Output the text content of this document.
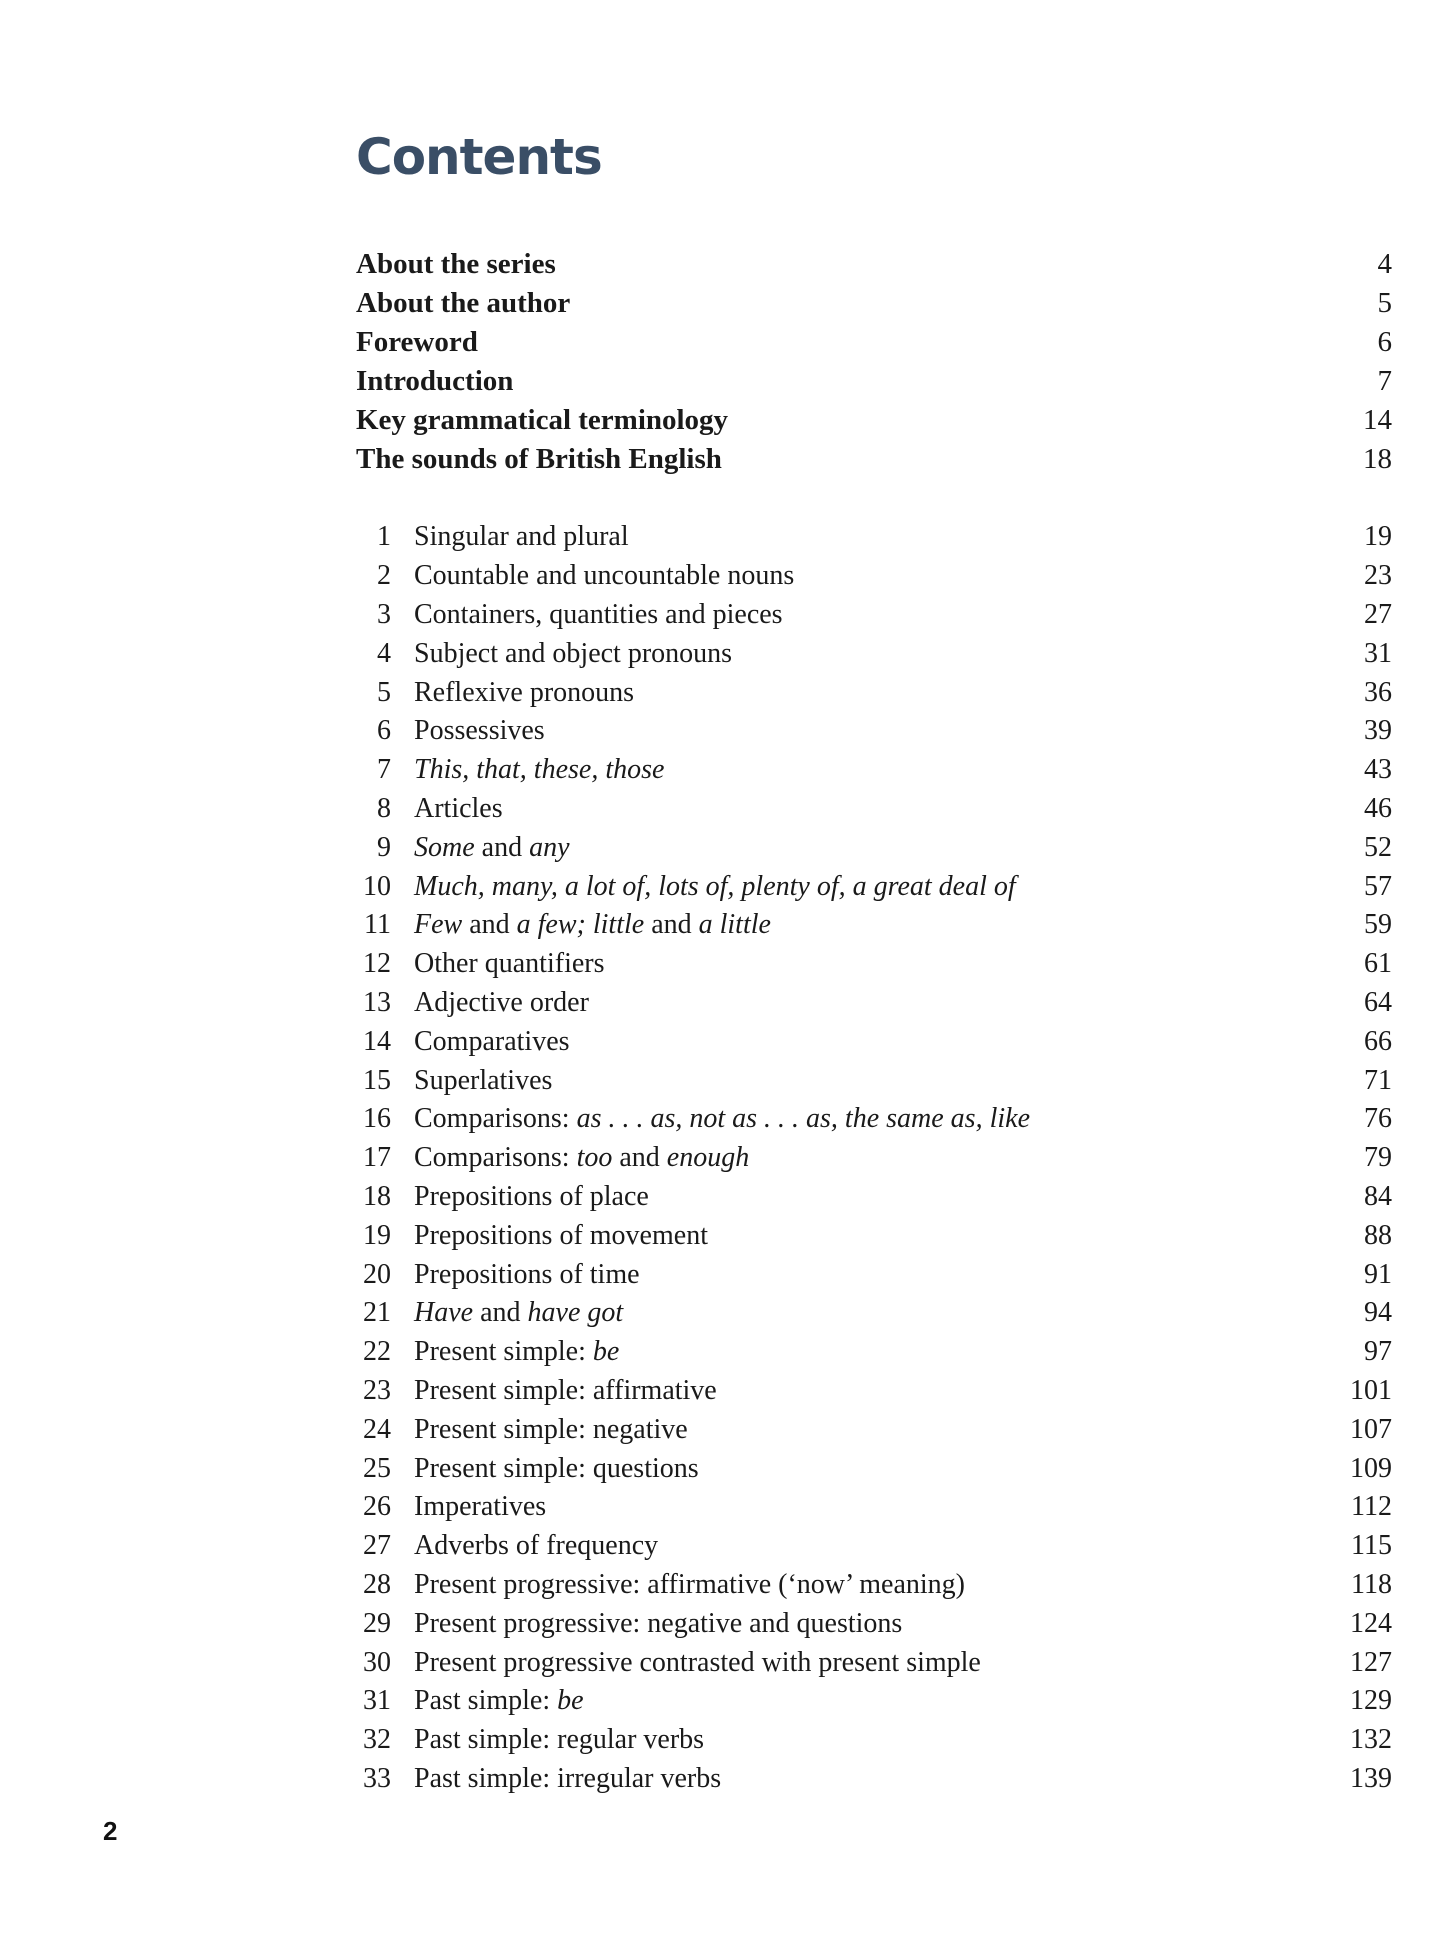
Contents
About the series	4
About the author	5
Foreword	6
Introduction	7
Key grammatical terminology	14
The sounds of British English	18
1 Singular and plural	19
2 Countable and uncountable nouns	23
3 Containers, quantities and pieces	27
4 Subject and object pronouns	31
5 Reflexive pronouns	36
6 Possessives	39
7 This, that, these, those	43
8 Articles	46
9 Some and any	52
10 Much, many, a lot of, lots of, plenty of, a great deal of	57
11 Few and a few; little and a little	59
12 Other quantifiers	61
13 Adjective order	64
14 Comparatives	66
15 Superlatives	71
16 Comparisons: as . . . as, not as . . . as, the same as, like	76
17 Comparisons: too and enough	79
18 Prepositions of place	84
19 Prepositions of movement	88
20 Prepositions of time	91
21 Have and have got	94
22 Present simple: be	97
23 Present simple: affirmative	101
24 Present simple: negative	107
25 Present simple: questions	109
26 Imperatives	112
27 Adverbs of frequency	115
28 Present progressive: affirmative (‘now’ meaning)	118
29 Present progressive: negative and questions	124
30 Present progressive contrasted with present simple	127
31 Past simple: be	129
32 Past simple: regular verbs	132
33 Past simple: irregular verbs	139
2
